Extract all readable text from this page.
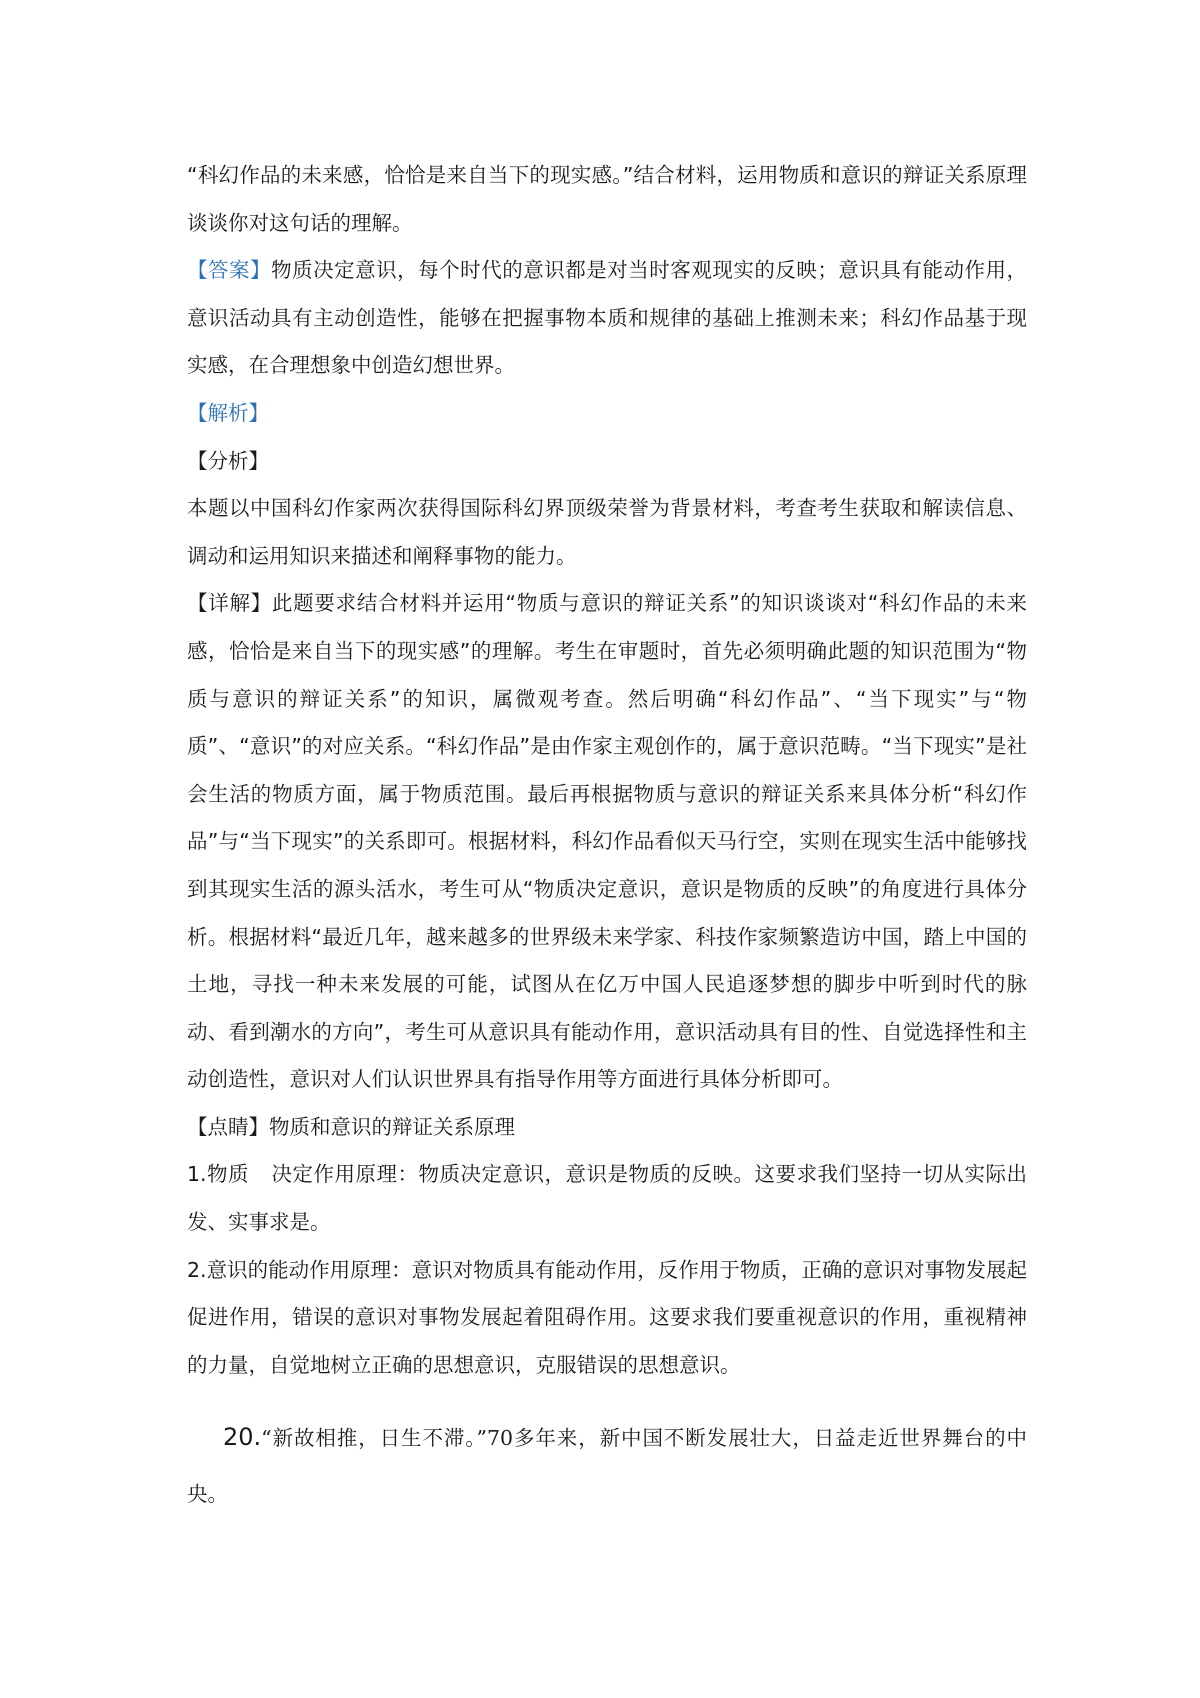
“科幻作品的未来感，恰恰是来自当下的现实感。”结合材料，运用物质和意识的辩证关系原理谈谈你对这句话的理解。

【答案】物质决定意识，每个时代的意识都是对当时客观现实的反映；意识具有能动作用，意识活动具有主动创造性，能够在把握事物本质和规律的基础上推测未来；科幻作品基于现实感，在合理想象中创造幻想世界。

【解析】

【分析】

本题以中国科幻作家两次获得国际科幻界顶级荣誉为背景材料，考查考生获取和解读信息、调动和运用知识来描述和阐释事物的能力。

【详解】此题要求结合材料并运用“物质与意识的辩证关系”的知识谈谈对“科幻作品的未来感，恰恰是来自当下的现实感”的理解。考生在审题时，首先必须明确此题的知识范围为“物质与意识的辩证关系”的知识，属微观考查。然后明确“科幻作品”、“当下现实”与“物质”、“意识”的对应关系。“科幻作品”是由作家主观创作的，属于意识范畴。“当下现实”是社会生活的物质方面，属于物质范围。最后再根据物质与意识的辩证关系来具体分析“科幻作品”与“当下现实”的关系即可。根据材料，科幻作品看似天马行空，实则在现实生活中能够找到其现实生活的源头活水，考生可从“物质决定意识，意识是物质的反映”的角度进行具体分析。根据材料“最近几年，越来越多的世界级未来学家、科技作家频繁造访中国，踏上中国的土地，寻找一种未来发展的可能，试图从在亿万中国人民追逐梦想的脚步中听到时代的脉动、看到潮水的方向”，考生可从意识具有能动作用，意识活动具有目的性、自觉选择性和主动创造性，意识对人们认识世界具有指导作用等方面进行具体分析即可。

【点睛】物质和意识的辩证关系原理

1.物质 决定作用原理：物质决定意识，意识是物质的反映。这要求我们坚持一切从实际出发、实事求是。

2.意识的能动作用原理：意识对物质具有能动作用，反作用于物质，正确的意识对事物发展起促进作用，错误的意识对事物发展起着阻碍作用。这要求我们要重视意识的作用，重视精神的力量，自觉地树立正确的思想意识，克服错误的思想意识。

20.“新故相推，日生不滞。”70多年来，新中国不断发展壮大，日益走近世界舞台的中央。
